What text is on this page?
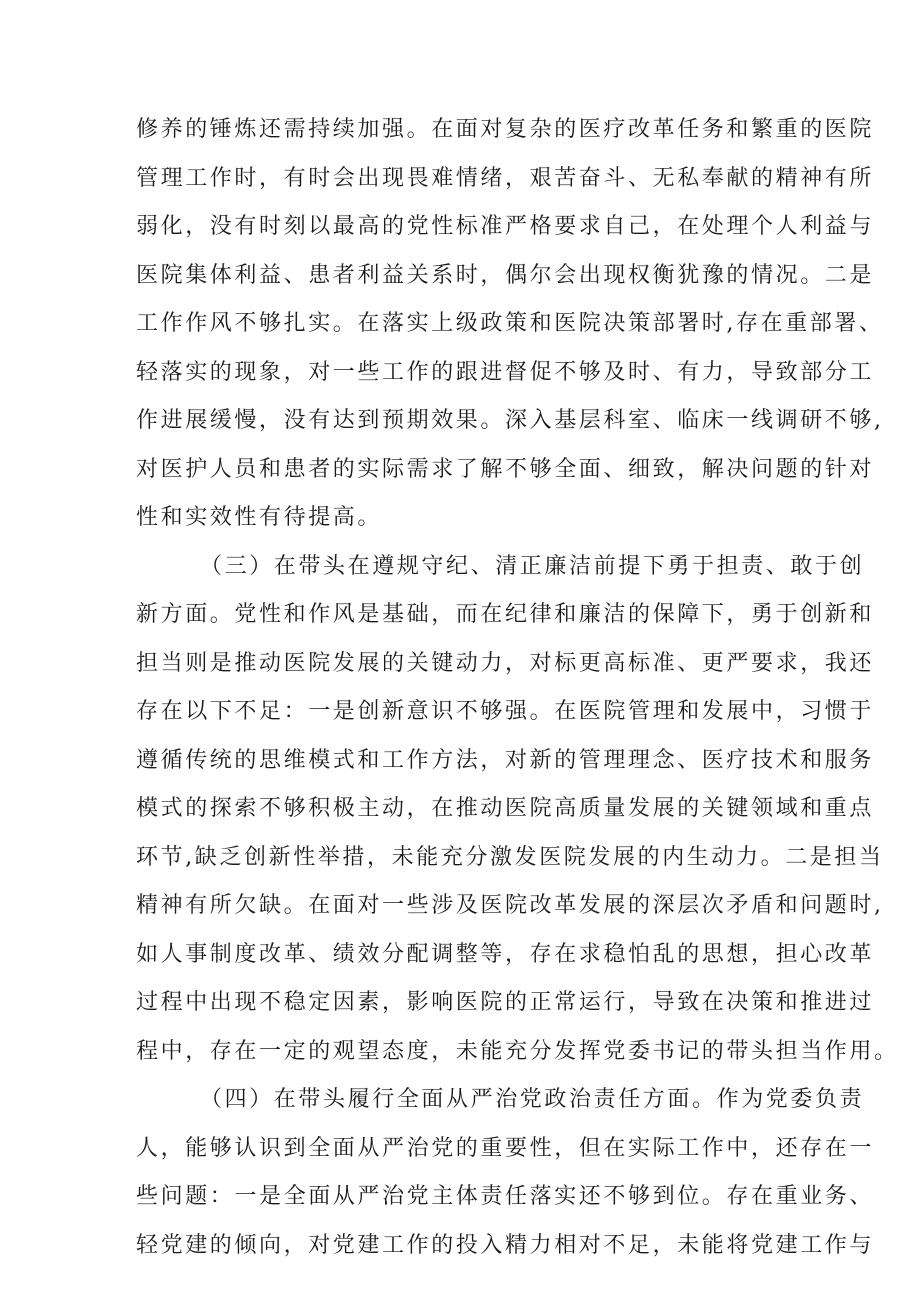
修养的锤炼还需持续加强。在面对复杂的医疗改革任务和繁重的医院
管理工作时，有时会出现畏难情绪，艰苦奋斗、无私奉献的精神有所
弱化，没有时刻以最高的党性标准严格要求自己，在处理个人利益与
医院集体利益、患者利益关系时，偶尔会出现权衡犹豫的情况。二是
工作作风不够扎实。在落实上级政策和医院决策部署时,存在重部署、
轻落实的现象，对一些工作的跟进督促不够及时、有力，导致部分工
作进展缓慢，没有达到预期效果。深入基层科室、临床一线调研不够,
对医护人员和患者的实际需求了解不够全面、细致，解决问题的针对
性和实效性有待提高。
（三）在带头在遵规守纪、清正廉洁前提下勇于担责、敢于创
新方面。党性和作风是基础，而在纪律和廉洁的保障下，勇于创新和
担当则是推动医院发展的关键动力，对标更高标准、更严要求，我还
存在以下不足：一是创新意识不够强。在医院管理和发展中，习惯于
遵循传统的思维模式和工作方法，对新的管理理念、医疗技术和服务
模式的探索不够积极主动，在推动医院高质量发展的关键领域和重点
环节,缺乏创新性举措，未能充分激发医院发展的内生动力。二是担当
精神有所欠缺。在面对一些涉及医院改革发展的深层次矛盾和问题时,
如人事制度改革、绩效分配调整等，存在求稳怕乱的思想，担心改革
过程中出现不稳定因素，影响医院的正常运行，导致在决策和推进过
程中，存在一定的观望态度，未能充分发挥党委书记的带头担当作用。
（四）在带头履行全面从严治党政治责任方面。作为党委负责
人，能够认识到全面从严治党的重要性，但在实际工作中，还存在一
些问题：一是全面从严治党主体责任落实还不够到位。存在重业务、
轻党建的倾向，对党建工作的投入精力相对不足，未能将党建工作与
